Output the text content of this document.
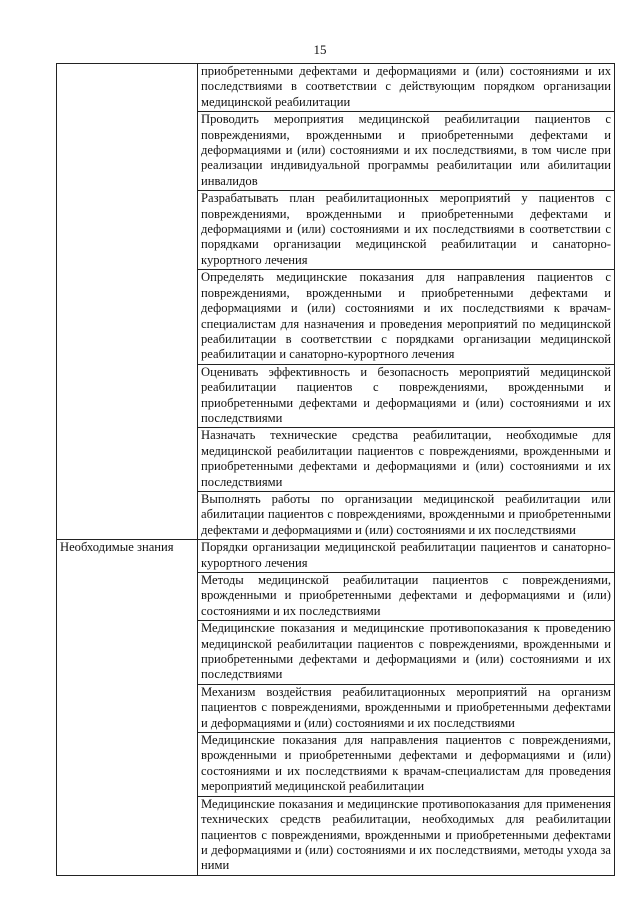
15

	приобретенными дефектами и деформациями и (или) состояниями и их последствиями в соответствии с действующим порядком организации медицинской реабилитации

	Проводить мероприятия медицинской реабилитации пациентов с повреждениями, врожденными и приобретенными дефектами и деформациями и (или) состояниями и их последствиями, в том числе при реализации индивидуальной программы реабилитации или абилитации инвалидов

	Разрабатывать план реабилитационных мероприятий у пациентов с повреждениями, врожденными и приобретенными дефектами и деформациями и (или) состояниями и их последствиями в соответствии с порядками организации медицинской реабилитации и санаторно-курортного лечения

	Определять медицинские показания для направления пациентов с повреждениями, врожденными и приобретенными дефектами и деформациями и (или) состояниями и их последствиями к врачам-специалистам для назначения и проведения мероприятий по медицинской реабилитации в соответствии с порядками организации медицинской реабилитации и санаторно-курортного лечения

	Оценивать эффективность и безопасность мероприятий медицинской реабилитации пациентов с повреждениями, врожденными и приобретенными дефектами и деформациями и (или) состояниями и их последствиями

	Назначать технические средства реабилитации, необходимые для медицинской реабилитации пациентов с повреждениями, врожденными и приобретенными дефектами и деформациями и (или) состояниями и их последствиями

	Выполнять работы по организации медицинской реабилитации или абилитации пациентов с повреждениями, врожденными и приобретенными дефектами и деформациями и (или) состояниями и их последствиями

Необходимые знания	Порядки организации медицинской реабилитации пациентов и санаторно-курортного лечения

	Методы медицинской реабилитации пациентов с повреждениями, врожденными и приобретенными дефектами и деформациями и (или) состояниями и их последствиями

	Медицинские показания и медицинские противопоказания к проведению медицинской реабилитации пациентов с повреждениями, врожденными и приобретенными дефектами и деформациями и (или) состояниями и их последствиями

	Механизм воздействия реабилитационных мероприятий на организм пациентов с повреждениями, врожденными и приобретенными дефектами и деформациями и (или) состояниями и их последствиями

	Медицинские показания для направления пациентов с повреждениями, врожденными и приобретенными дефектами и деформациями и (или) состояниями и их последствиями к врачам-специалистам для проведения мероприятий медицинской реабилитации

	Медицинские показания и медицинские противопоказания для применения технических средств реабилитации, необходимых для реабилитации пациентов с повреждениями, врожденными и приобретенными дефектами и деформациями и (или) состояниями и их последствиями, методы ухода за ними
